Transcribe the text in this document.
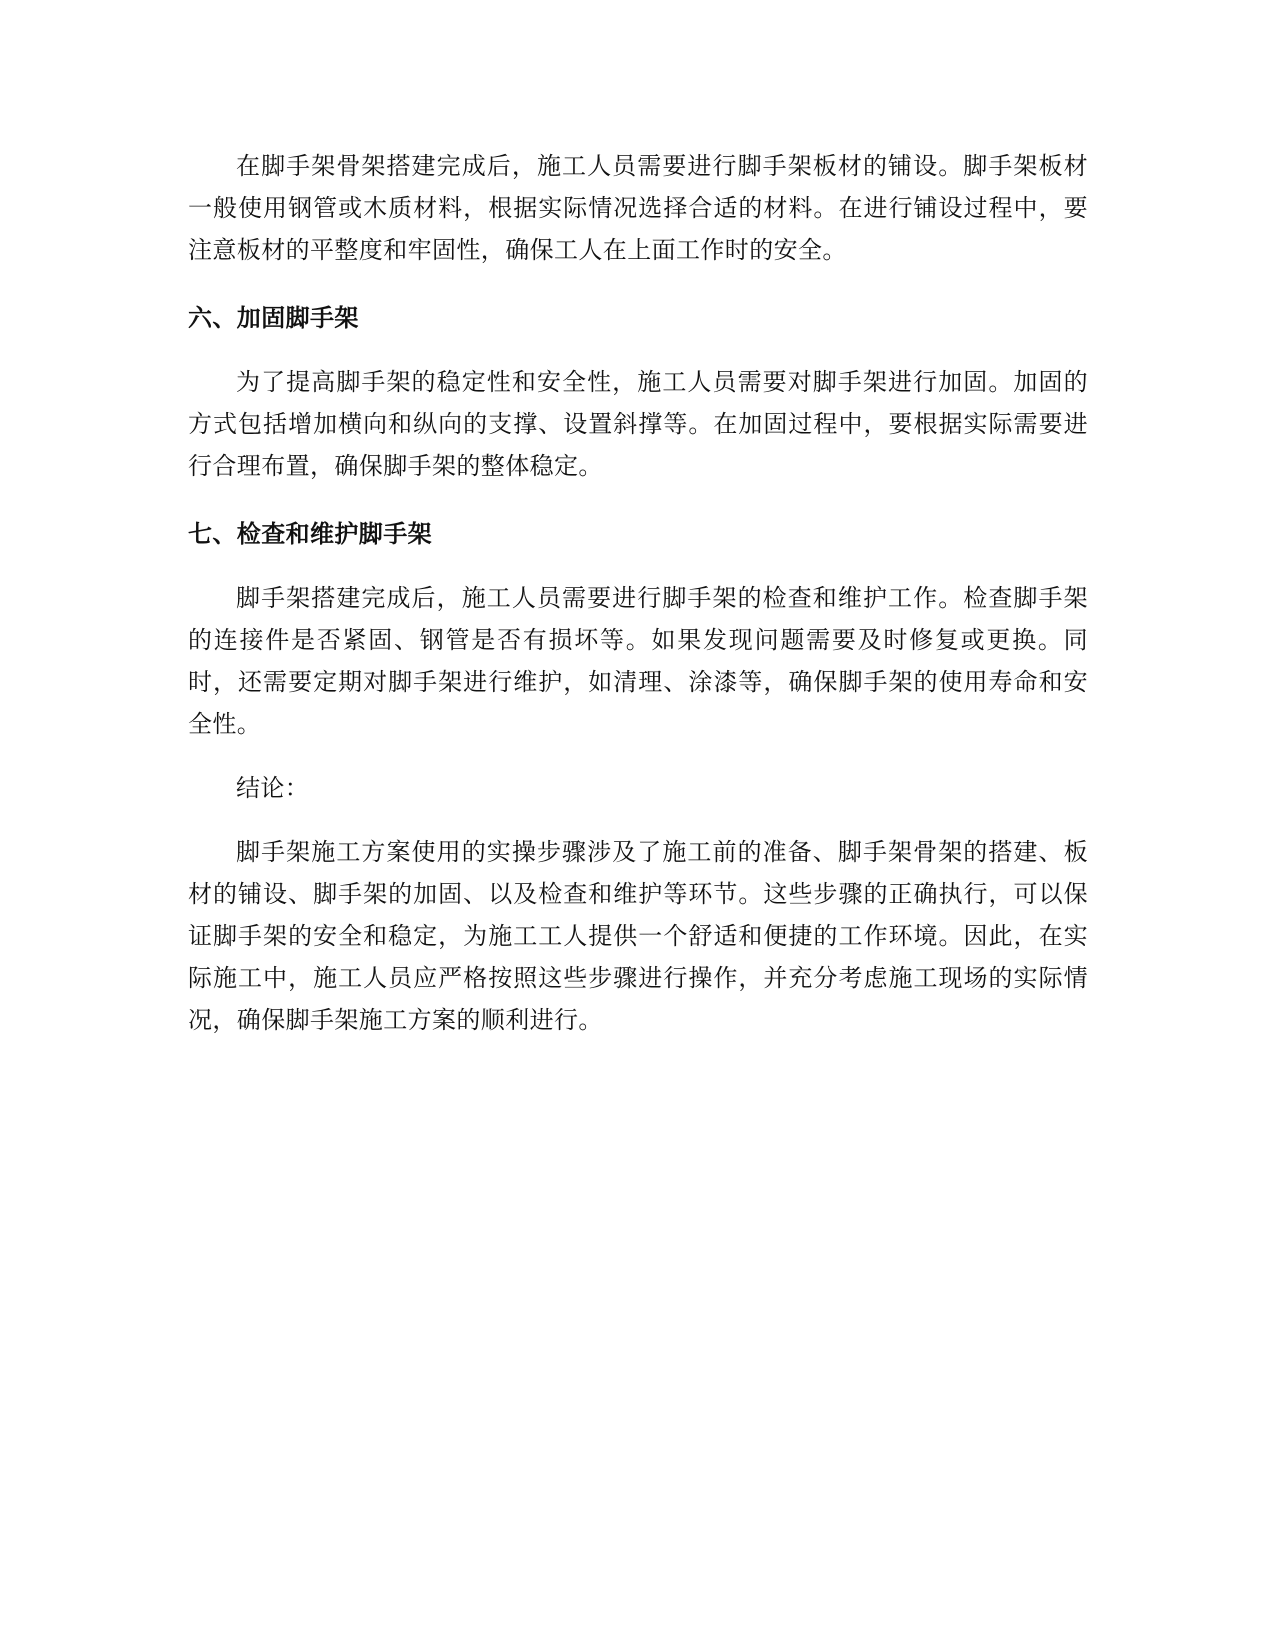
在脚手架骨架搭建完成后，施工人员需要进行脚手架板材的铺设。脚手架板材一般使用钢管或木质材料，根据实际情况选择合适的材料。在进行铺设过程中，要注意板材的平整度和牢固性，确保工人在上面工作时的安全。

六、加固脚手架

为了提高脚手架的稳定性和安全性，施工人员需要对脚手架进行加固。加固的方式包括增加横向和纵向的支撑、设置斜撑等。在加固过程中，要根据实际需要进行合理布置，确保脚手架的整体稳定。

七、检查和维护脚手架

脚手架搭建完成后，施工人员需要进行脚手架的检查和维护工作。检查脚手架的连接件是否紧固、钢管是否有损坏等。如果发现问题需要及时修复或更换。同时，还需要定期对脚手架进行维护，如清理、涂漆等，确保脚手架的使用寿命和安全性。

结论：

脚手架施工方案使用的实操步骤涉及了施工前的准备、脚手架骨架的搭建、板材的铺设、脚手架的加固、以及检查和维护等环节。这些步骤的正确执行，可以保证脚手架的安全和稳定，为施工工人提供一个舒适和便捷的工作环境。因此，在实际施工中，施工人员应严格按照这些步骤进行操作，并充分考虑施工现场的实际情况，确保脚手架施工方案的顺利进行。
